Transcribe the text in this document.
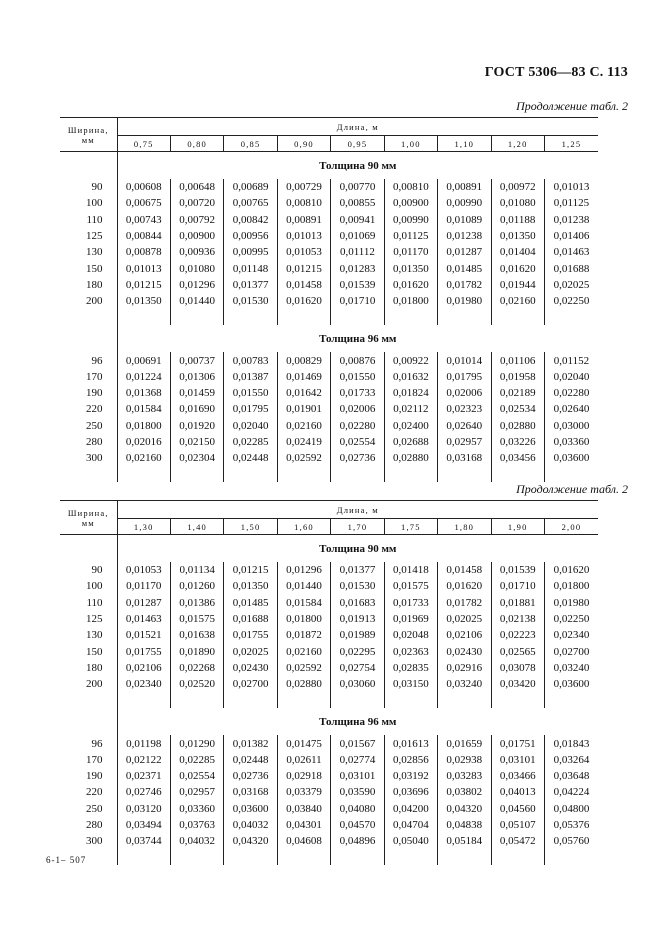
ГОСТ 5306—83 С. 113
Продолжение табл. 2
Ширина,
мм	Длина, м								
	0,75	0,80	0,85	0,90	0,95	1,00	1,10	1,20	1,25
	Толщина 90 мм								
90	0,00608	0,00648	0,00689	0,00729	0,00770	0,00810	0,00891	0,00972	0,01013
100	0,00675	0,00720	0,00765	0,00810	0,00855	0,00900	0,00990	0,01080	0,01125
110	0,00743	0,00792	0,00842	0,00891	0,00941	0,00990	0,01089	0,01188	0,01238
125	0,00844	0,00900	0,00956	0,01013	0,01069	0,01125	0,01238	0,01350	0,01406
130	0,00878	0,00936	0,00995	0,01053	0,01112	0,01170	0,01287	0,01404	0,01463
150	0,01013	0,01080	0,01148	0,01215	0,01283	0,01350	0,01485	0,01620	0,01688
180	0,01215	0,01296	0,01377	0,01458	0,01539	0,01620	0,01782	0,01944	0,02025
200	0,01350	0,01440	0,01530	0,01620	0,01710	0,01800	0,01980	0,02160	0,02250

	Толщина 96 мм								
96	0,00691	0,00737	0,00783	0,00829	0,00876	0,00922	0,01014	0,01106	0,01152
170	0,01224	0,01306	0,01387	0,01469	0,01550	0,01632	0,01795	0,01958	0,02040
190	0,01368	0,01459	0,01550	0,01642	0,01733	0,01824	0,02006	0,02189	0,02280
220	0,01584	0,01690	0,01795	0,01901	0,02006	0,02112	0,02323	0,02534	0,02640
250	0,01800	0,01920	0,02040	0,02160	0,02280	0,02400	0,02640	0,02880	0,03000
280	0,02016	0,02150	0,02285	0,02419	0,02554	0,02688	0,02957	0,03226	0,03360
300	0,02160	0,02304	0,02448	0,02592	0,02736	0,02880	0,03168	0,03456	0,03600

Продолжение табл. 2
Ширина,
мм	Длина, м								
	1,30	1,40	1,50	1,60	1,70	1,75	1,80	1,90	2,00
	Толщина 90 мм								
90	0,01053	0,01134	0,01215	0,01296	0,01377	0,01418	0,01458	0,01539	0,01620
100	0,01170	0,01260	0,01350	0,01440	0,01530	0,01575	0,01620	0,01710	0,01800
110	0,01287	0,01386	0,01485	0,01584	0,01683	0,01733	0,01782	0,01881	0,01980
125	0,01463	0,01575	0,01688	0,01800	0,01913	0,01969	0,02025	0,02138	0,02250
130	0,01521	0,01638	0,01755	0,01872	0,01989	0,02048	0,02106	0,02223	0,02340
150	0,01755	0,01890	0,02025	0,02160	0,02295	0,02363	0,02430	0,02565	0,02700
180	0,02106	0,02268	0,02430	0,02592	0,02754	0,02835	0,02916	0,03078	0,03240
200	0,02340	0,02520	0,02700	0,02880	0,03060	0,03150	0,03240	0,03420	0,03600

	Толщина 96 мм								
96	0,01198	0,01290	0,01382	0,01475	0,01567	0,01613	0,01659	0,01751	0,01843
170	0,02122	0,02285	0,02448	0,02611	0,02774	0,02856	0,02938	0,03101	0,03264
190	0,02371	0,02554	0,02736	0,02918	0,03101	0,03192	0,03283	0,03466	0,03648
220	0,02746	0,02957	0,03168	0,03379	0,03590	0,03696	0,03802	0,04013	0,04224
250	0,03120	0,03360	0,03600	0,03840	0,04080	0,04200	0,04320	0,04560	0,04800
280	0,03494	0,03763	0,04032	0,04301	0,04570	0,04704	0,04838	0,05107	0,05376
300	0,03744	0,04032	0,04320	0,04608	0,04896	0,05040	0,05184	0,05472	0,05760

6-1– 507
